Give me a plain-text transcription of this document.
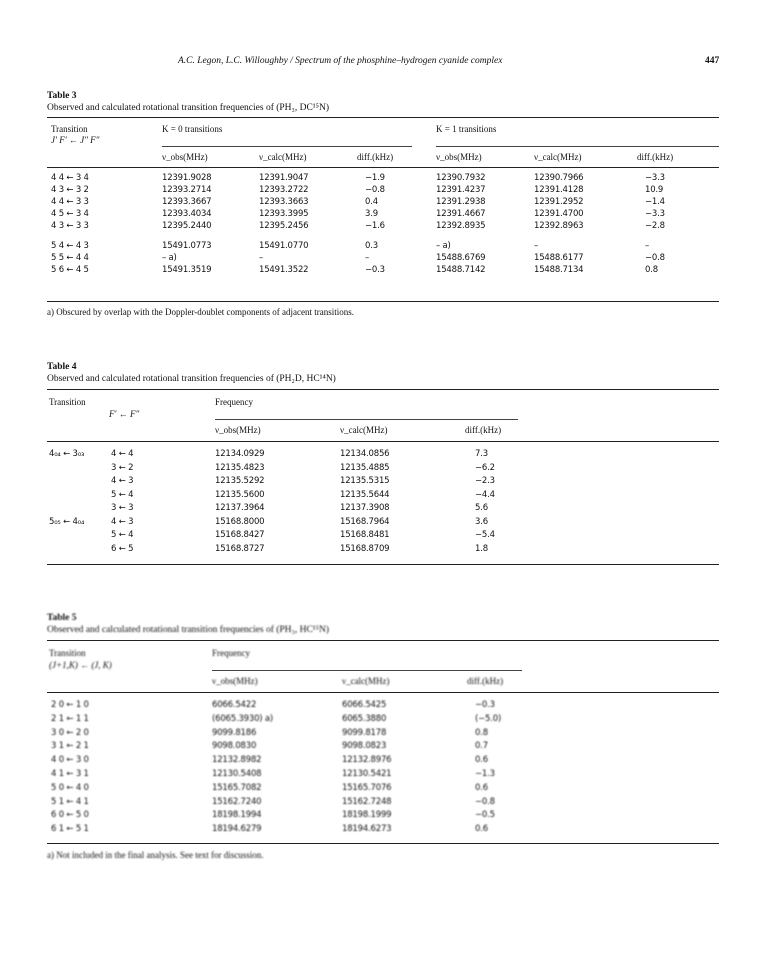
A.C. Legon, L.C. Willoughby / Spectrum of the phosphine–hydrogen cyanide complex	447
Table 3
Observed and calculated rotational transition frequencies of (PH₃, DC¹⁵N)
Transition
J′ F′ ← J″ F″
K = 0 transitions	K = 1 transitions
ν_obs(MHz)	ν_calc(MHz)	diff.(kHz)	ν_obs(MHz)	ν_calc(MHz)	diff.(kHz)
4 4 ← 3 4	12391.9028	12391.9047	−1.9	12390.7932	12390.7966	−3.3
4 3 ← 3 2	12393.2714	12393.2722	−0.8	12391.4237	12391.4128	10.9
4 4 ← 3 3	12393.3667	12393.3663	0.4	12391.2938	12391.2952	−1.4
4 5 ← 3 4	12393.4034	12393.3995	3.9	12391.4667	12391.4700	−3.3
4 3 ← 3 3	12395.2440	12395.2456	−1.6	12392.8935	12392.8963	−2.8
5 4 ← 4 3	15491.0773	15491.0770	0.3	– a)	–	–
5 5 ← 4 4	– a)	–	–	15488.6769	15488.6177	−0.8
5 6 ← 4 5	15491.3519	15491.3522	−0.3	15488.7142	15488.7134	0.8
a) Obscured by overlap with the Doppler-doublet components of adjacent transitions.
Table 4
Observed and calculated rotational transition frequencies of (PH₂D, HC¹⁴N)
Transition
F′ ← F″
Frequency
ν_obs(MHz)	ν_calc(MHz)	diff.(kHz)
4₀₄ ← 3₀₃	4 ← 4	12134.0929	12134.0856	7.3
3 ← 2	12135.4823	12135.4885	−6.2
4 ← 3	12135.5292	12135.5315	−2.3
5 ← 4	12135.5600	12135.5644	−4.4
3 ← 3	12137.3964	12137.3908	5.6
5₀₅ ← 4₀₄	4 ← 3	15168.8000	15168.7964	3.6
5 ← 4	15168.8427	15168.8481	−5.4
6 ← 5	15168.8727	15168.8709	1.8
Table 5
Observed and calculated rotational transition frequencies of (PH₃, HC¹⁵N)
Transition
(J+1,K) ← (J, K)
Frequency
ν_obs(MHz)	ν_calc(MHz)	diff.(kHz)
2 0 ← 1 0	6066.5422	6066.5425	−0.3
2 1 ← 1 1	(6065.3930) a)	6065.3880	(−5.0)
3 0 ← 2 0	9099.8186	9099.8178	0.8
3 1 ← 2 1	9098.0830	9098.0823	0.7
4 0 ← 3 0	12132.8982	12132.8976	0.6
4 1 ← 3 1	12130.5408	12130.5421	−1.3
5 0 ← 4 0	15165.7082	15165.7076	0.6
5 1 ← 4 1	15162.7240	15162.7248	−0.8
6 0 ← 5 0	18198.1994	18198.1999	−0.5
6 1 ← 5 1	18194.6279	18194.6273	0.6
a) Not included in the final analysis. See text for discussion.
